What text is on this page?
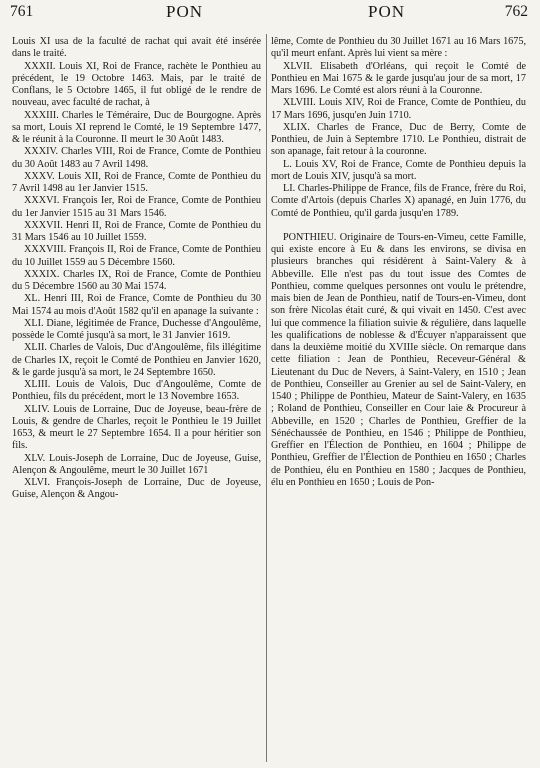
761	PON	PON	762

Louis XI usa de la faculté de rachat qui avait été insérée dans le traité.

XXXII. Louis XI, Roi de France, rachète le Ponthieu au précédent, le 19 Octobre 1463. Mais, par le traité de Conflans, le 5 Octobre 1465, il fut obligé de le rendre de nouveau, avec faculté de rachat, à

XXXIII. Charles le Téméraire, Duc de Bourgogne. Après sa mort, Louis XI reprend le Comté, le 19 Septembre 1477, & le réunit à la Couronne. Il meurt le 30 Août 1483.

XXXIV. Charles VIII, Roi de France, Comte de Ponthieu du 30 Août 1483 au 7 Avril 1498.

XXXV. Louis XII, Roi de France, Comte de Ponthieu du 7 Avril 1498 au 1er Janvier 1515.

XXXVI. François Ier, Roi de France, Comte de Ponthieu du 1er Janvier 1515 au 31 Mars 1546.

XXXVII. Henri II, Roi de France, Comte de Ponthieu du 31 Mars 1546 au 10 Juillet 1559.

XXXVIII. François II, Roi de France, Comte de Ponthieu du 10 Juillet 1559 au 5 Décembre 1560.

XXXIX. Charles IX, Roi de France, Comte de Ponthieu du 5 Décembre 1560 au 30 Mai 1574.

XL. Henri III, Roi de France, Comte de Ponthieu du 30 Mai 1574 au mois d'Août 1582 qu'il en apanage la suivante :

XLI. Diane, légitimée de France, Duchesse d'Angoulême, possède le Comté jusqu'à sa mort, le 31 Janvier 1619.

XLII. Charles de Valois, Duc d'Angoulême, fils illégitime de Charles IX, reçoit le Comté de Ponthieu en Janvier 1620, & le garde jusqu'à sa mort, le 24 Septembre 1650.

XLIII. Louis de Valois, Duc d'Angoulême, Comte de Ponthieu, fils du précédent, mort le 13 Novembre 1653.

XLIV. Louis de Lorraine, Duc de Joyeuse, beau-frère de Louis, & gendre de Charles, reçoit le Ponthieu le 19 Juillet 1653, & meurt le 27 Septembre 1654. Il a pour héritier son fils.

XLV. Louis-Joseph de Lorraine, Duc de Joyeuse, Guise, Alençon & Angoulême, meurt le 30 Juillet 1671

XLVI. François-Joseph de Lorraine, Duc de Joyeuse, Guise, Alençon & Angou-

lême, Comte de Ponthieu du 30 Juillet 1671 au 16 Mars 1675, qu'il meurt enfant. Après lui vient sa mère :

XLVII. Elisabeth d'Orléans, qui reçoit le Comté de Ponthieu en Mai 1675 & le garde jusqu'au jour de sa mort, 17 Mars 1696. Le Comté est alors réuni à la Couronne.

XLVIII. Louis XIV, Roi de France, Comte de Ponthieu, du 17 Mars 1696, jusqu'en Juin 1710.

XLIX. Charles de France, Duc de Berry, Comte de Ponthieu, de Juin à Septembre 1710. Le Ponthieu, distrait de son apanage, fait retour à la couronne.

L. Louis XV, Roi de France, Comte de Ponthieu depuis la mort de Louis XIV, jusqu'à sa mort.

LI. Charles-Philippe de France, fils de France, frère du Roi, Comte d'Artois (depuis Charles X) apanagé, en Juin 1776, du Comté de Ponthieu, qu'il garda jusqu'en 1789.

PONTHIEU. Originaire de Tours-en-Vimeu, cette Famille, qui existe encore à Eu & dans les environs, se divisa en plusieurs branches qui résidèrent à Saint-Valery & à Abbeville. Elle n'est pas du tout issue des Comtes de Ponthieu, comme quelques personnes ont voulu le prétendre, mais bien de Jean de Ponthieu, natif de Tours-en-Vimeu, dont son frère Nicolas était curé, & qui vivait en 1450. C'est avec lui que commence la filiation suivie & régulière, dans laquelle les qualifications de noblesse & d'Écuyer n'apparaissent que dans la deuxième moitié du XVIIIe siècle. On remarque dans cette filiation : Jean de Ponthieu, Receveur-Général & Lieutenant du Duc de Nevers, à Saint-Valery, en 1510 ; Jean de Ponthieu, Conseiller au Grenier au sel de Saint-Valery, en 1540 ; Philippe de Ponthieu, Mateur de Saint-Valery, en 1635 ; Roland de Ponthieu, Conseiller en Cour laie & Procureur à Abbeville, en 1520 ; Charles de Ponthieu, Greffier de la Sénéchaussée de Ponthieu, en 1546 ; Philippe de Ponthieu, Greffier en l'Élection de Ponthieu, en 1604 ; Philippe de Ponthieu, Greffier de l'Élection de Ponthieu en 1650 ; Charles de Ponthieu, élu en Ponthieu en 1580 ; Jacques de Ponthieu, élu en Ponthieu en 1650 ; Louis de Pon-
